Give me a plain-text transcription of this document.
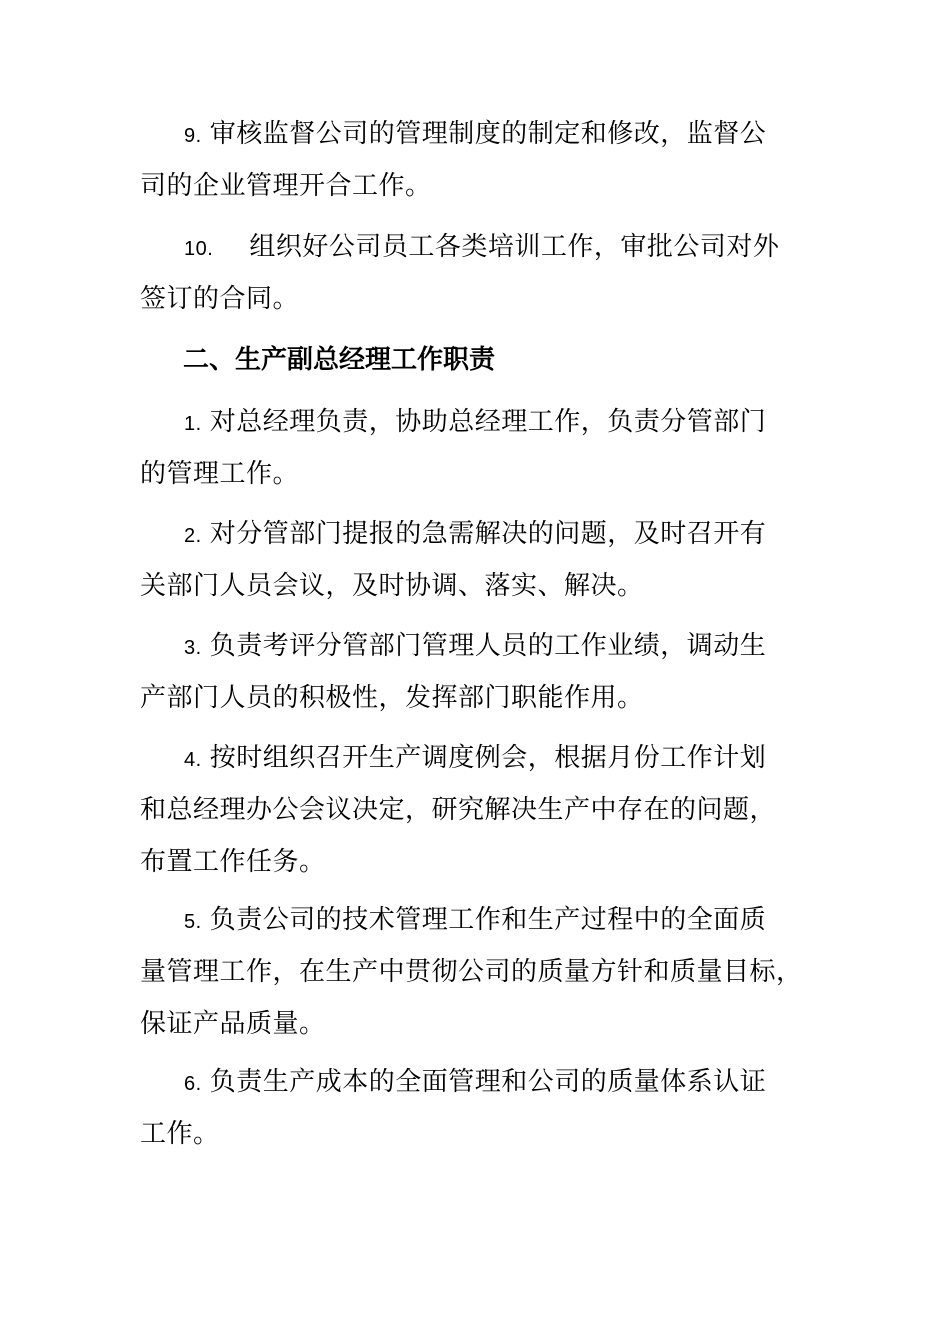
9. 审核监督公司的管理制度的制定和修改，监督公
司的企业管理开合工作。
10. 组织好公司员工各类培训工作，审批公司对外
签订的合同。
二、生产副总经理工作职责
1. 对总经理负责，协助总经理工作，负责分管部门
的管理工作。
2. 对分管部门提报的急需解决的问题，及时召开有
关部门人员会议，及时协调、落实、解决。
3. 负责考评分管部门管理人员的工作业绩，调动生
产部门人员的积极性，发挥部门职能作用。
4. 按时组织召开生产调度例会，根据月份工作计划
和总经理办公会议决定，研究解决生产中存在的问题，
布置工作任务。
5. 负责公司的技术管理工作和生产过程中的全面质
量管理工作，在生产中贯彻公司的质量方针和质量目标，
保证产品质量。
6. 负责生产成本的全面管理和公司的质量体系认证
工作。
